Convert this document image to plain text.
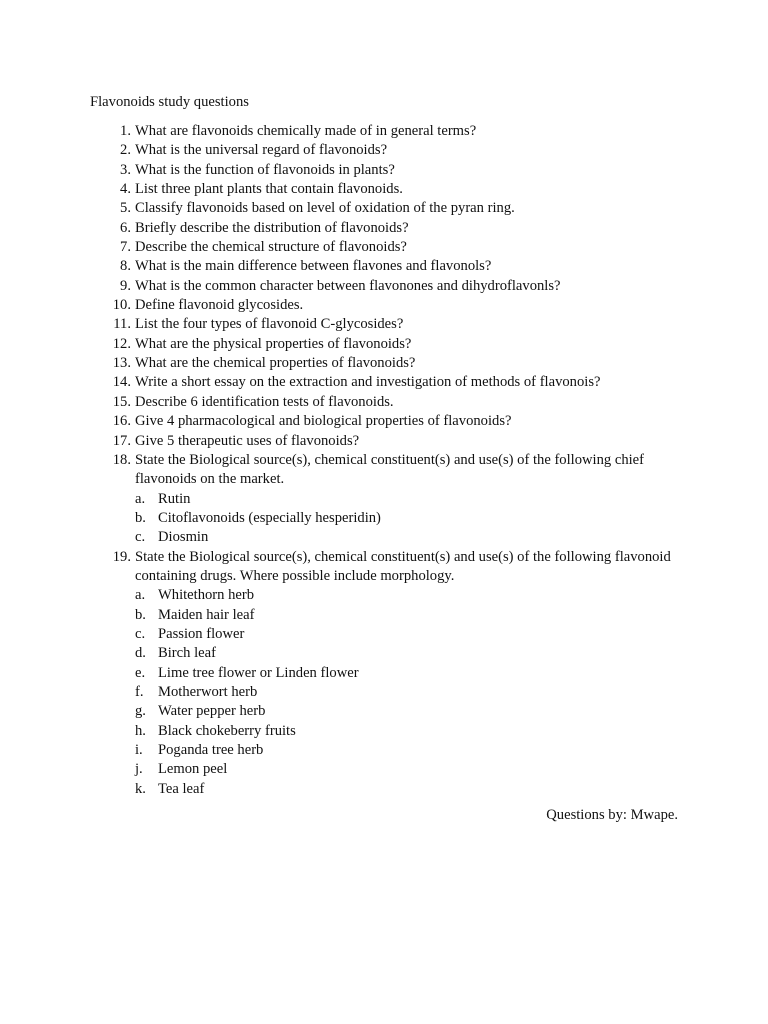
Flavonoids study questions
1. What are flavonoids chemically made of in general terms?
2. What is the universal regard of flavonoids?
3. What is the function of flavonoids in plants?
4. List three plant plants that contain flavonoids.
5. Classify flavonoids based on level of oxidation of the pyran ring.
6. Briefly describe the distribution of flavonoids?
7. Describe the chemical structure of flavonoids?
8. What is the main difference between flavones and flavonols?
9. What is the common character between flavonones and dihydroflavonls?
10. Define flavonoid glycosides.
11. List the four types of flavonoid C-glycosides?
12. What are the physical properties of flavonoids?
13. What are the chemical properties of flavonoids?
14. Write a short essay on the extraction and investigation of methods of flavonois?
15. Describe 6 identification tests of flavonoids.
16. Give 4 pharmacological and biological properties of flavonoids?
17. Give 5 therapeutic uses of flavonoids?
18. State the Biological source(s), chemical constituent(s) and use(s) of the following chief flavonoids on the market.
a. Rutin
b. Citoflavonoids (especially hesperidin)
c. Diosmin
19. State the Biological source(s), chemical constituent(s) and use(s) of the following flavonoid containing drugs. Where possible include morphology.
a. Whitethorn herb
b. Maiden hair leaf
c. Passion flower
d. Birch leaf
e. Lime tree flower or Linden flower
f. Motherwort herb
g. Water pepper herb
h. Black chokeberry fruits
i.	Poganda tree herb
j.	Lemon peel
k. Tea leaf
Questions by: Mwape.
